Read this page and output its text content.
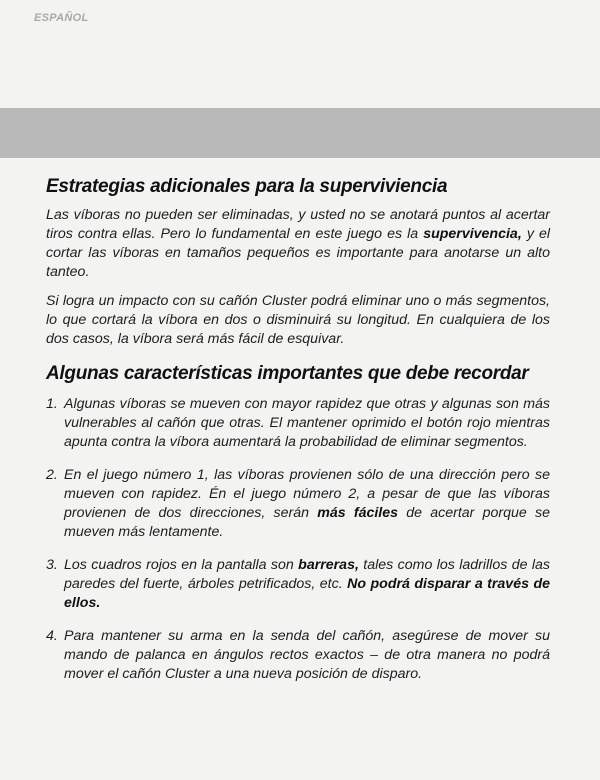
ESPAÑOL
Estrategias adicionales para la superviviencia

Las víboras no pueden ser eliminadas, y usted no se anotará puntos al acertar tiros contra ellas. Pero lo fundamental en este juego es la supervivencia, y el cortar las víboras en tamaños pequeños es importante para anotarse un alto tanteo.

Si logra un impacto con su cañón Cluster podrá eliminar uno o más segmentos, lo que cortará la víbora en dos o disminuirá su longitud. En cualquiera de los dos casos, la víbora será más fácil de esquivar.

Algunas características importantes que debe recordar
1. Algunas víboras se mueven con mayor rapidez que otras y algunas son más vulnerables al cañón que otras. El mantener oprimido el botón rojo mientras apunta contra la víbora aumentará la probabilidad de eliminar segmentos.
2. En el juego número 1, las víboras provienen sólo de una dirección pero se mueven con rapidez. Én el juego número 2, a pesar de que las víboras provienen de dos direcciones, serán más fáciles de acertar porque se mueven más lentamente.
3. Los cuadros rojos en la pantalla son barreras, tales como los ladrillos de las paredes del fuerte, árboles petrificados, etc. No podrá disparar a través de ellos.
4. Para mantener su arma en la senda del cañón, asegúrese de mover su mando de palanca en ángulos rectos exactos – de otra manera no podrá mover el cañón Cluster a una nueva posición de disparo.
